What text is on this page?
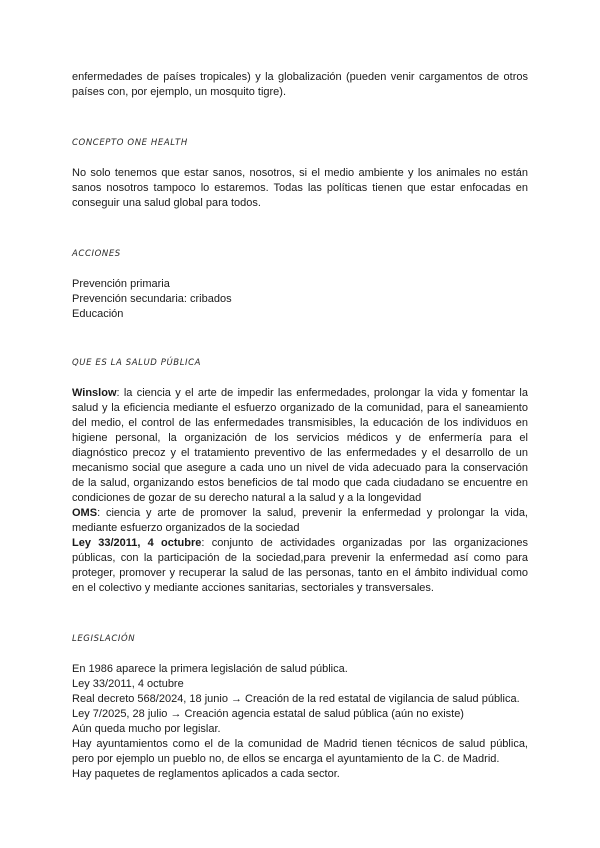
enfermedades de países tropicales) y la globalización (pueden venir cargamentos de otros países con, por ejemplo, un mosquito tigre).

CONCEPTO ONE HEALTH

No solo tenemos que estar sanos, nosotros, si el medio ambiente y los animales no están sanos nosotros tampoco lo estaremos. Todas las políticas tienen que estar enfocadas en conseguir una salud global para todos.

ACCIONES

Prevención primaria

Prevención secundaria: cribados

Educación

QUE ES LA SALUD PÚBLICA

Winslow: la ciencia y el arte de impedir las enfermedades, prolongar la vida y fomentar la salud y la eficiencia mediante el esfuerzo organizado de la comunidad, para el saneamiento del medio, el control de las enfermedades transmisibles, la educación de los individuos en higiene personal, la organización de los servicios médicos y de enfermería para el diagnóstico precoz y el tratamiento preventivo de las enfermedades y el desarrollo de un mecanismo social que asegure a cada uno un nivel de vida adecuado para la conservación de la salud, organizando estos beneficios de tal modo que cada ciudadano se encuentre en condiciones de gozar de su derecho natural a la salud y a la longevidad

OMS: ciencia y arte de promover la salud, prevenir la enfermedad y prolongar la vida, mediante esfuerzo organizados de la sociedad

Ley 33/2011, 4 octubre: conjunto de actividades organizadas por las organizaciones públicas, con la participación de la sociedad,para prevenir la enfermedad así como para proteger, promover y recuperar la salud de las personas, tanto en el ámbito individual como en el colectivo y mediante acciones sanitarias, sectoriales y transversales.

LEGISLACIÓN

En 1986 aparece la primera legislación de salud pública.

Ley 33/2011, 4 octubre

Real decreto 568/2024, 18 junio → Creación de la red estatal de vigilancia de salud pública.

Ley 7/2025, 28 julio → Creación agencia estatal de salud pública (aún no existe)

Aún queda mucho por legislar.

Hay ayuntamientos como el de la comunidad de Madrid tienen técnicos de salud pública, pero por ejemplo un pueblo no, de ellos se encarga el ayuntamiento de la C. de Madrid.

Hay paquetes de reglamentos aplicados a cada sector.
